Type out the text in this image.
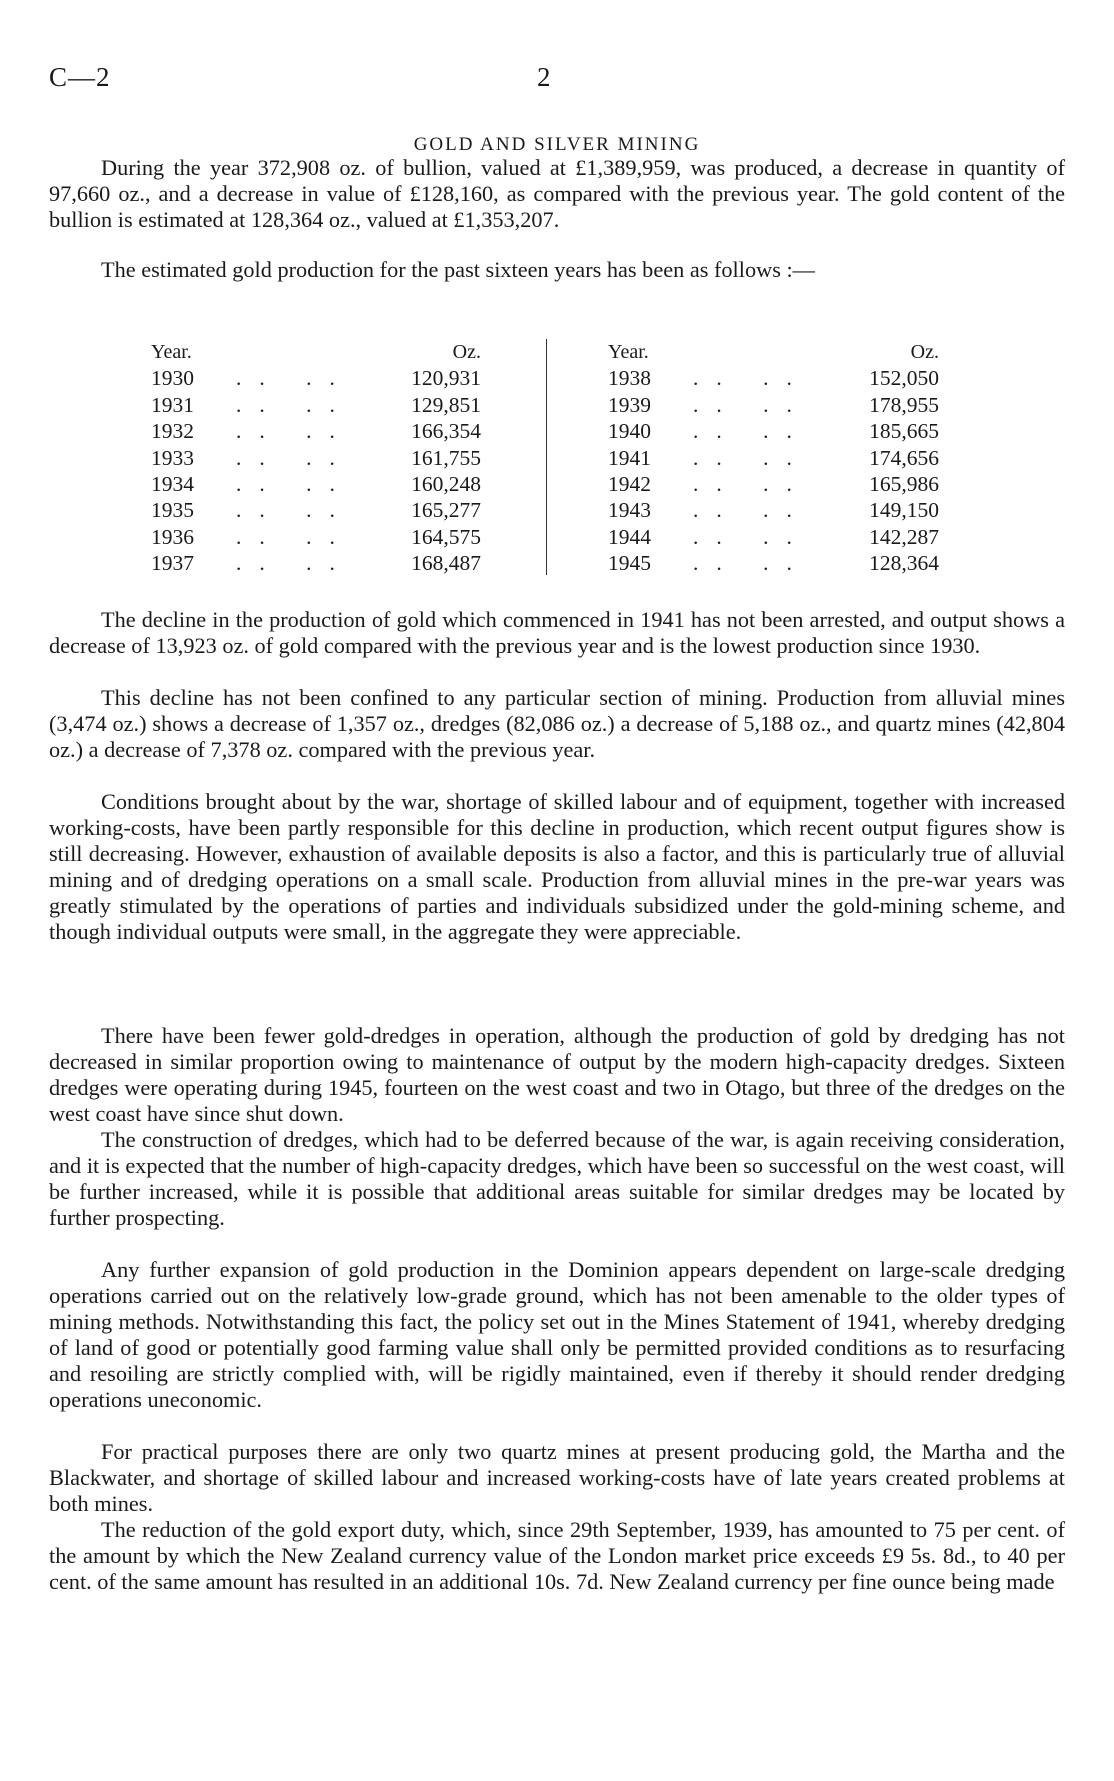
C—2	2
GOLD AND SILVER MINING

During the year 372,908 oz. of bullion, valued at £1,389,959, was produced, a decrease in quantity of 97,660 oz., and a decrease in value of £128,160, as compared with the previous year. The gold content of the bullion is estimated at 128,364 oz., valued at £1,353,207.

The estimated gold production for the past sixteen years has been as follows :—

Year.	Oz.
1930 .. ..	120,931
1931 .. ..	129,851
1932 .. ..	166,354
1933 .. ..	161,755
1934 .. ..	160,248
1935 .. ..	165,277
1936 .. ..	164,575
1937 .. ..	168,487
Year.	Oz.
1938 .. ..	152,050
1939 .. ..	178,955
1940 .. ..	185,665
1941 .. ..	174,656
1942 .. ..	165,986
1943 .. ..	149,150
1944 .. ..	142,287
1945 .. ..	128,364

The decline in the production of gold which commenced in 1941 has not been arrested, and output shows a decrease of 13,923 oz. of gold compared with the previous year and is the lowest production since 1930.

This decline has not been confined to any particular section of mining. Production from alluvial mines (3,474 oz.) shows a decrease of 1,357 oz., dredges (82,086 oz.) a decrease of 5,188 oz., and quartz mines (42,804 oz.) a decrease of 7,378 oz. compared with the previous year.

Conditions brought about by the war, shortage of skilled labour and of equipment, together with increased working-costs, have been partly responsible for this decline in production, which recent output figures show is still decreasing. However, exhaustion of available deposits is also a factor, and this is particularly true of alluvial mining and of dredging operations on a small scale. Production from alluvial mines in the pre-war years was greatly stimulated by the operations of parties and individuals subsidized under the gold-mining scheme, and though individual outputs were small, in the aggregate they were appreciable.

There have been fewer gold-dredges in operation, although the production of gold by dredging has not decreased in similar proportion owing to maintenance of output by the modern high-capacity dredges. Sixteen dredges were operating during 1945, fourteen on the west coast and two in Otago, but three of the dredges on the west coast have since shut down.

The construction of dredges, which had to be deferred because of the war, is again receiving consideration, and it is expected that the number of high-capacity dredges, which have been so successful on the west coast, will be further increased, while it is possible that additional areas suitable for similar dredges may be located by further prospecting.

Any further expansion of gold production in the Dominion appears dependent on large-scale dredging operations carried out on the relatively low-grade ground, which has not been amenable to the older types of mining methods. Notwithstanding this fact, the policy set out in the Mines Statement of 1941, whereby dredging of land of good or potentially good farming value shall only be permitted provided conditions as to resurfacing and resoiling are strictly complied with, will be rigidly maintained, even if thereby it should render dredging operations uneconomic.

For practical purposes there are only two quartz mines at present producing gold, the Martha and the Blackwater, and shortage of skilled labour and increased working-costs have of late years created problems at both mines.

The reduction of the gold export duty, which, since 29th September, 1939, has amounted to 75 per cent. of the amount by which the New Zealand currency value of the London market price exceeds £9 5s. 8d., to 40 per cent. of the same amount has resulted in an additional 10s. 7d. New Zealand currency per fine ounce being made
